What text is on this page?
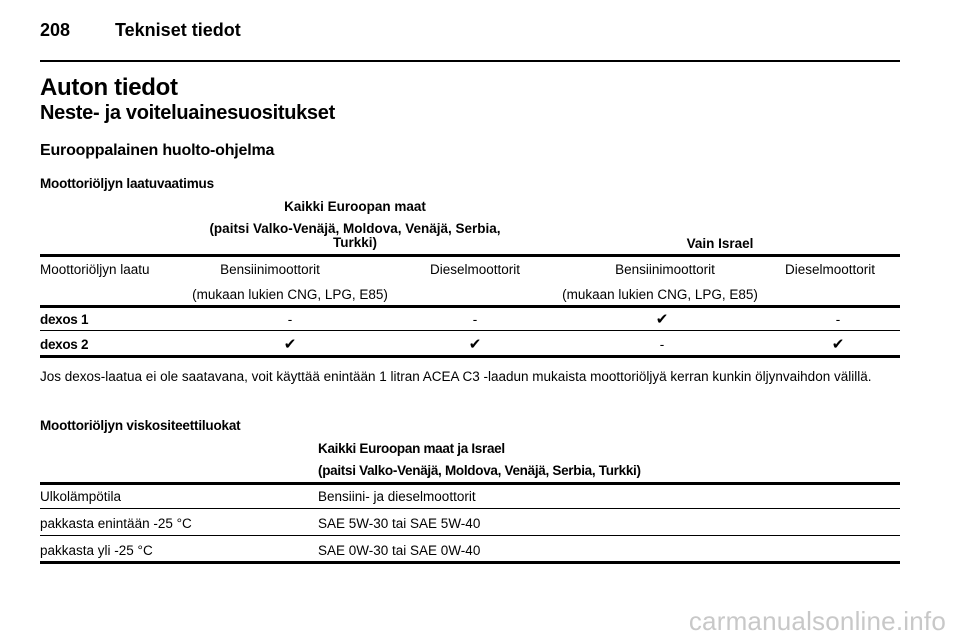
208 Tekniset tiedot
Auton tiedot
Neste- ja voiteluainesuositukset
Eurooppalainen huolto-ohjelma
Moottoriöljyn laatuvaatimus
Kaikki Euroopan maat
(paitsi Valko-Venäjä, Moldova, Venäjä, Serbia,
Turkki)	Vain Israel
Moottoriöljyn laatu	Bensiinimoottorit	Dieselmoottorit	Bensiinimoottorit	Dieselmoottorit
(mukaan lukien CNG, LPG, E85)	(mukaan lukien CNG, LPG, E85)
dexos 1	-	-	✔	-
dexos 2	✔	✔	-	✔
Jos dexos-laatua ei ole saatavana, voit käyttää enintään 1 litran ACEA C3 -laadun mukaista moottoriöljyä kerran kunkin öljynvaihdon välillä.
Moottoriöljyn viskositeettiluokat
Kaikki Euroopan maat ja Israel
(paitsi Valko-Venäjä, Moldova, Venäjä, Serbia, Turkki)
Ulkolämpötila	Bensiini- ja dieselmoottorit
pakkasta enintään -25 °C	SAE 5W-30 tai SAE 5W-40
pakkasta yli -25 °C	SAE 0W-30 tai SAE 0W-40
carmanualsonline.info
